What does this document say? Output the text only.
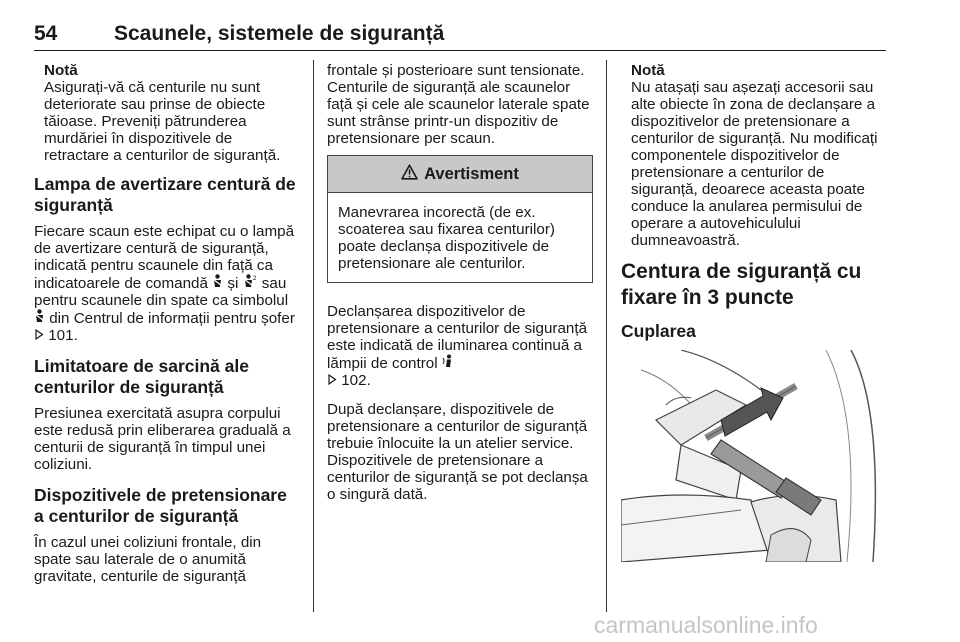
54	Scaunele, sistemele de siguranță
Notă
Asigurați-vă că centurile nu sunt deteriorate sau prinse de obiecte tăioase. Preveniți pătrunderea murdăriei în dispozitivele de retractare a centurilor de siguranță.
Lampa de avertizare centură de siguranță

Fiecare scaun este echipat cu o lampă de avertizare centură de siguranță, indicată pentru scaunele din față ca indicatoarele de comandă  și 2 sau pentru scaunele din spate ca simbolul  din Centrul de informații pentru șofer  101.

Limitatoare de sarcină ale centurilor de siguranță

Presiunea exercitată asupra corpului este redusă prin eliberarea graduală a centurii de siguranță în timpul unei coliziuni.

Dispozitivele de pretensionare a centurilor de siguranță

În cazul unei coliziuni frontale, din spate sau laterale de o anumită gravitate, centurile de siguranță

frontale și posterioare sunt tensionate. Centurile de siguranță ale scaunelor față și cele ale scaunelor laterale spate sunt strânse printr-un dispozitiv de pretensionare per scaun.

Avertisment
Manevrarea incorectă (de ex. scoaterea sau fixarea centurilor) poate declanșa dispozitivele de pretensionare ale centurilor.

Declanșarea dispozitivelor de pretensionare a centurilor de siguranță este indicată de iluminarea continuă a lămpii de control
102.

După declanșare, dispozitivele de pretensionare a centurilor de siguranță trebuie înlocuite la un atelier service. Dispozitivele de pretensionare a centurilor de siguranță se pot declanșa o singură dată.

Notă
Nu atașați sau așezați accesorii sau alte obiecte în zona de declanșare a dispozitivelor de pretensionare a centurilor de siguranță. Nu modificați componentele dispozitivelor de pretensionare a centurilor de siguranță, deoarece aceasta poate conduce la anularea permisului de operare a autovehiculului dumneavoastră.
Centura de siguranță cu fixare în 3 puncte
Cuplarea
carmanualsonline.info
